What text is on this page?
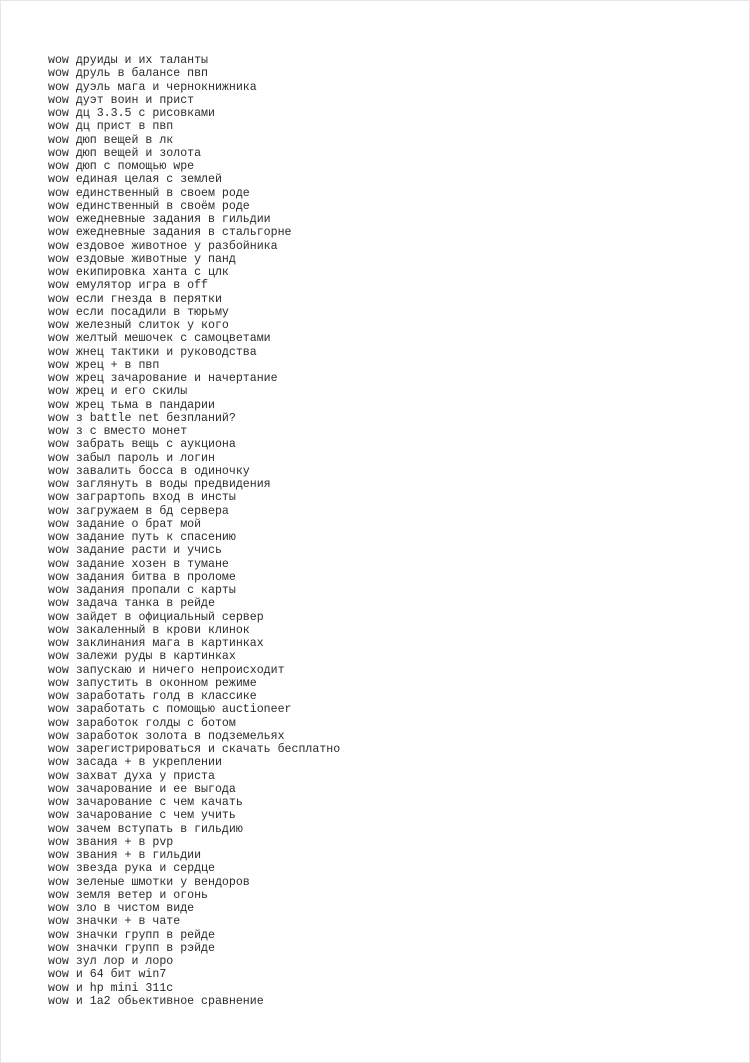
wow друиды и их таланты
wow друль в балансе пвп
wow дуэль мага и чернокнижника
wow дуэт воин и прист
wow дц 3.3.5 с рисовками
wow дц прист в пвп
wow дюп вещей в лк
wow дюп вещей и золота
wow дюп с помощью wpe
wow единая целая с землей
wow единственный в своем роде
wow единственный в своём роде
wow ежедневные задания в гильдии
wow ежедневные задания в стальгорне
wow ездовое животное у разбойника
wow ездовые животные у панд
wow екипировка ханта с цлк
wow емулятор игра в off
wow если гнезда в перятки
wow если посадили в тюрьму
wow железный слиток у кого
wow желтый мешочек с самоцветами
wow жнец тактики и руководства
wow жрец + в пвп
wow жрец зачарование и начертание
wow жрец и его скилы
wow жрец тьма в пандарии
wow з battle net безпланий?
wow з с вместо монет
wow забрать вещь с аукциона
wow забыл пароль и логин
wow завалить босса в одиночку
wow заглянуть в воды предвидения
wow заграртопь вход в инсты
wow загружаем в бд сервера
wow задание о брат мой
wow задание путь к спасению
wow задание расти и учись
wow задание хозен в тумане
wow задания битва в проломе
wow задания пропали с карты
wow задача танка в рейде
wow зайдет в официальный сервер
wow закаленный в крови клинок
wow заклинания мага в картинках
wow залежи руды в картинках
wow запускаю и ничего непроисходит
wow запустить в оконном режиме
wow заработать голд в классике
wow заработать с помощью auctioneer
wow заработок голды с ботом
wow заработок золота в подземельях
wow зарегистрироваться и скачать бесплатно
wow засада + в укреплении
wow захват духа у приста
wow зачарование и ее выгода
wow зачарование с чем качать
wow зачарование с чем учить
wow зачем вступать в гильдию
wow звания + в pvp
wow звания + в гильдии
wow звезда рука и сердце
wow зеленые шмотки у вендоров
wow земля ветер и огонь
wow зло в чистом виде
wow значки + в чате
wow значки групп в рейде
wow значки групп в рэйде
wow зул лор и лоро
wow и 64 бит win7
wow и hp mini 311c
wow и 1a2 обьективное сравнение
